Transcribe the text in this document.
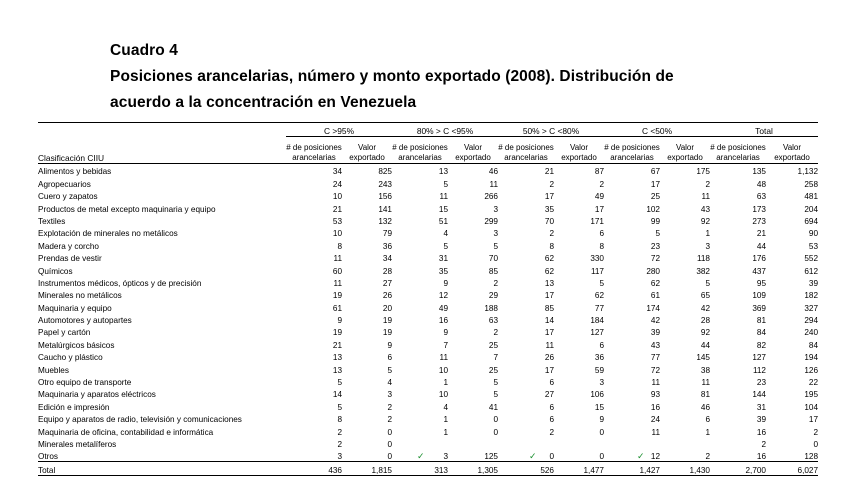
Cuadro 4
Posiciones arancelarias, número y monto exportado (2008). Distribución de
acuerdo a la concentración en Venezuela
	C >95%		80% > C <95%		50% > C <80%		C <50%		Total	
Clasificación CIIU	# de posiciones arancelarias	Valor exportado	# de posiciones arancelarias	Valor exportado	# de posiciones arancelarias	Valor exportado	# de posiciones arancelarias	Valor exportado	# de posiciones arancelarias	Valor exportado
Alimentos y bebidas	34	825	13	46	21	87	67	175	135	1,132
Agropecuarios	24	243	5	11	2	2	17	2	48	258
Cuero y zapatos	10	156	11	266	17	49	25	11	63	481
Productos de metal excepto maquinaria y equipo	21	141	15	3	35	17	102	43	173	204
Textiles	53	132	51	299	70	171	99	92	273	694
Explotación de minerales no metálicos	10	79	4	3	2	6	5	1	21	90
Madera y corcho	8	36	5	5	8	8	23	3	44	53
Prendas de vestir	11	34	31	70	62	330	72	118	176	552
Químicos	60	28	35	85	62	117	280	382	437	612
Instrumentos médicos, ópticos y de precisión	11	27	9	2	13	5	62	5	95	39
Minerales no metálicos	19	26	12	29	17	62	61	65	109	182
Maquinaria y equipo	61	20	49	188	85	77	174	42	369	327
Automotores y autopartes	9	19	16	63	14	184	42	28	81	294
Papel y cartón	19	19	9	2	17	127	39	92	84	240
Metalúrgicos básicos	21	9	7	25	11	6	43	44	82	84
Caucho y plástico	13	6	11	7	26	36	77	145	127	194
Muebles	13	5	10	25	17	59	72	38	112	126
Otro equipo de transporte	5	4	1	5	6	3	11	11	23	22
Maquinaria y aparatos eléctricos	14	3	10	5	27	106	93	81	144	195
Edición e impresión	5	2	4	41	6	15	16	46	31	104
Equipo y aparatos de radio, televisión y comunicaciones	8	2	1	0	6	9	24	6	39	17
Maquinaria de oficina, contabilidad e informática	2	0	1	0	2	0	11	1	16	2
Minerales metalíferos	2	0							2	0
Otros	3	0	3	125	0	0	12	2	16	128
Total	436	1,815	313	1,305	526	1,477	1,427	1,430	2,700	6,027
✓	✓	✓
